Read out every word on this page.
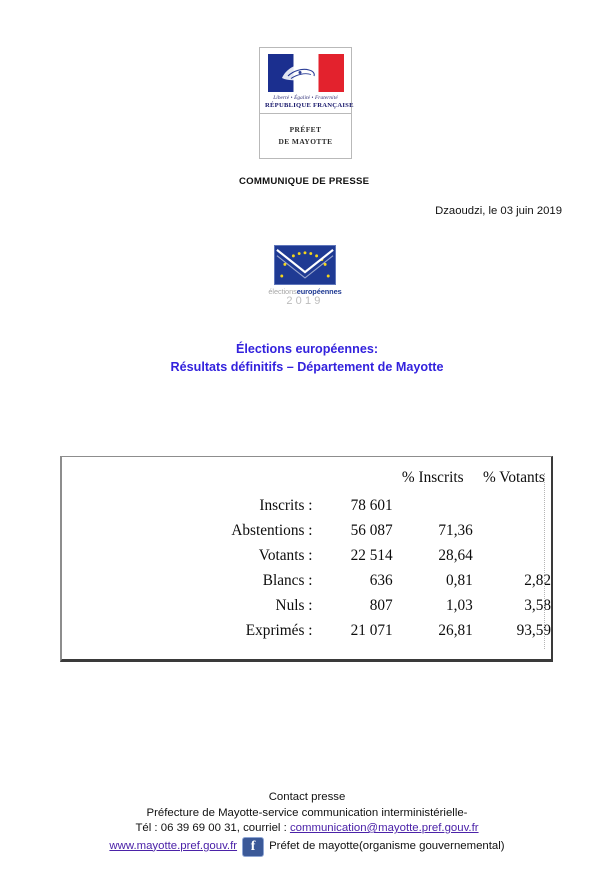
Liberté • Égalité • Fraternité
RÉPUBLIQUE FRANÇAISE
PRÉFET
DE MAYOTTE
COMMUNIQUE DE PRESSE
Dzaoudzi, le 03 juin 2019
électionseuropéennes
2019
Élections européennes:
Résultats définitifs – Département de Mayotte
		% Inscrits	% Votants
Inscrits :	78 601		
Abstentions :	56 087	71,36	
Votants :	22 514	28,64	
Blancs :	636	0,81	2,82
Nuls :	807	1,03	3,58
Exprimés :	21 071	26,81	93,59
Contact presse
Préfecture de Mayotte-service communication interministérielle-
Tél : 06 39 69 00 31, courriel : communication@mayotte.pref.gouv.fr
www.mayotte.pref.gouv.fr f	Préfet de mayotte(organisme gouvernemental)
